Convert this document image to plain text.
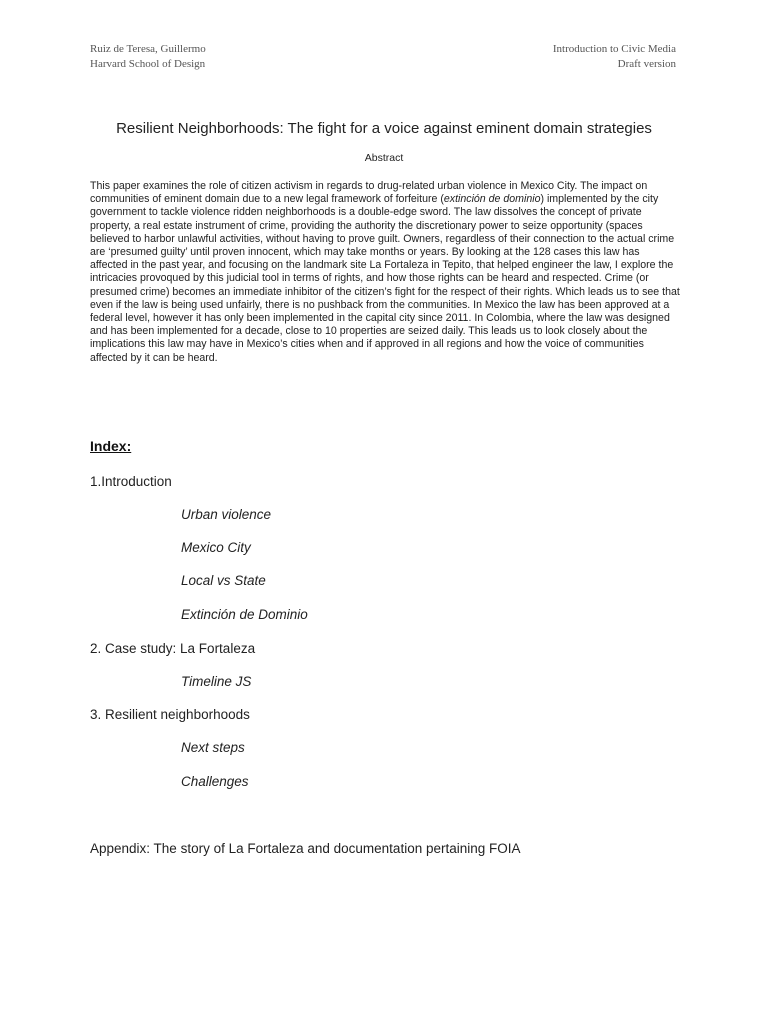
Ruiz de Teresa, Guillermo
Harvard School of Design
Introduction to Civic Media
Draft version
Resilient Neighborhoods: The fight for a voice against eminent domain strategies
Abstract

This paper examines the role of citizen activism in regards to drug-related urban violence in Mexico City. The impact on communities of eminent domain due to a new legal framework of forfeiture (extinción de dominio) implemented by the city government to tackle violence ridden neighborhoods is a double-edge sword. The law dissolves the concept of private property, a real estate instrument of crime, providing the authority the discretionary power to seize opportunity (spaces believed to harbor unlawful activities, without having to prove guilt. Owners, regardless of their connection to the actual crime are ‘presumed guilty’ until proven innocent, which may take months or years. By looking at the 128 cases this law has affected in the past year, and focusing on the landmark site La Fortaleza in Tepito, that helped engineer the law, I explore the intricacies provoqued by this judicial tool in terms of rights, and how those rights can be heard and respected. Crime (or presumed crime) becomes an immediate inhibitor of the citizen’s fight for the respect of their rights. Which leads us to see that even if the law is being used unfairly, there is no pushback from the communities. In Mexico the law has been approved at a federal level, however it has only been implemented in the capital city since 2011. In Colombia, where the law was designed and has been implemented for a decade, close to 10 properties are seized daily. This leads us to look closely about the implications this law may have in Mexico’s cities when and if approved in all regions and how the voice of communities affected by it can be heard.

Index:
1.Introduction
Urban violence
Mexico City
Local vs State
Extinción de Dominio
2. Case study: La Fortaleza
Timeline JS
3. Resilient neighborhoods
Next steps
Challenges
Appendix: The story of La Fortaleza and documentation pertaining FOIA
